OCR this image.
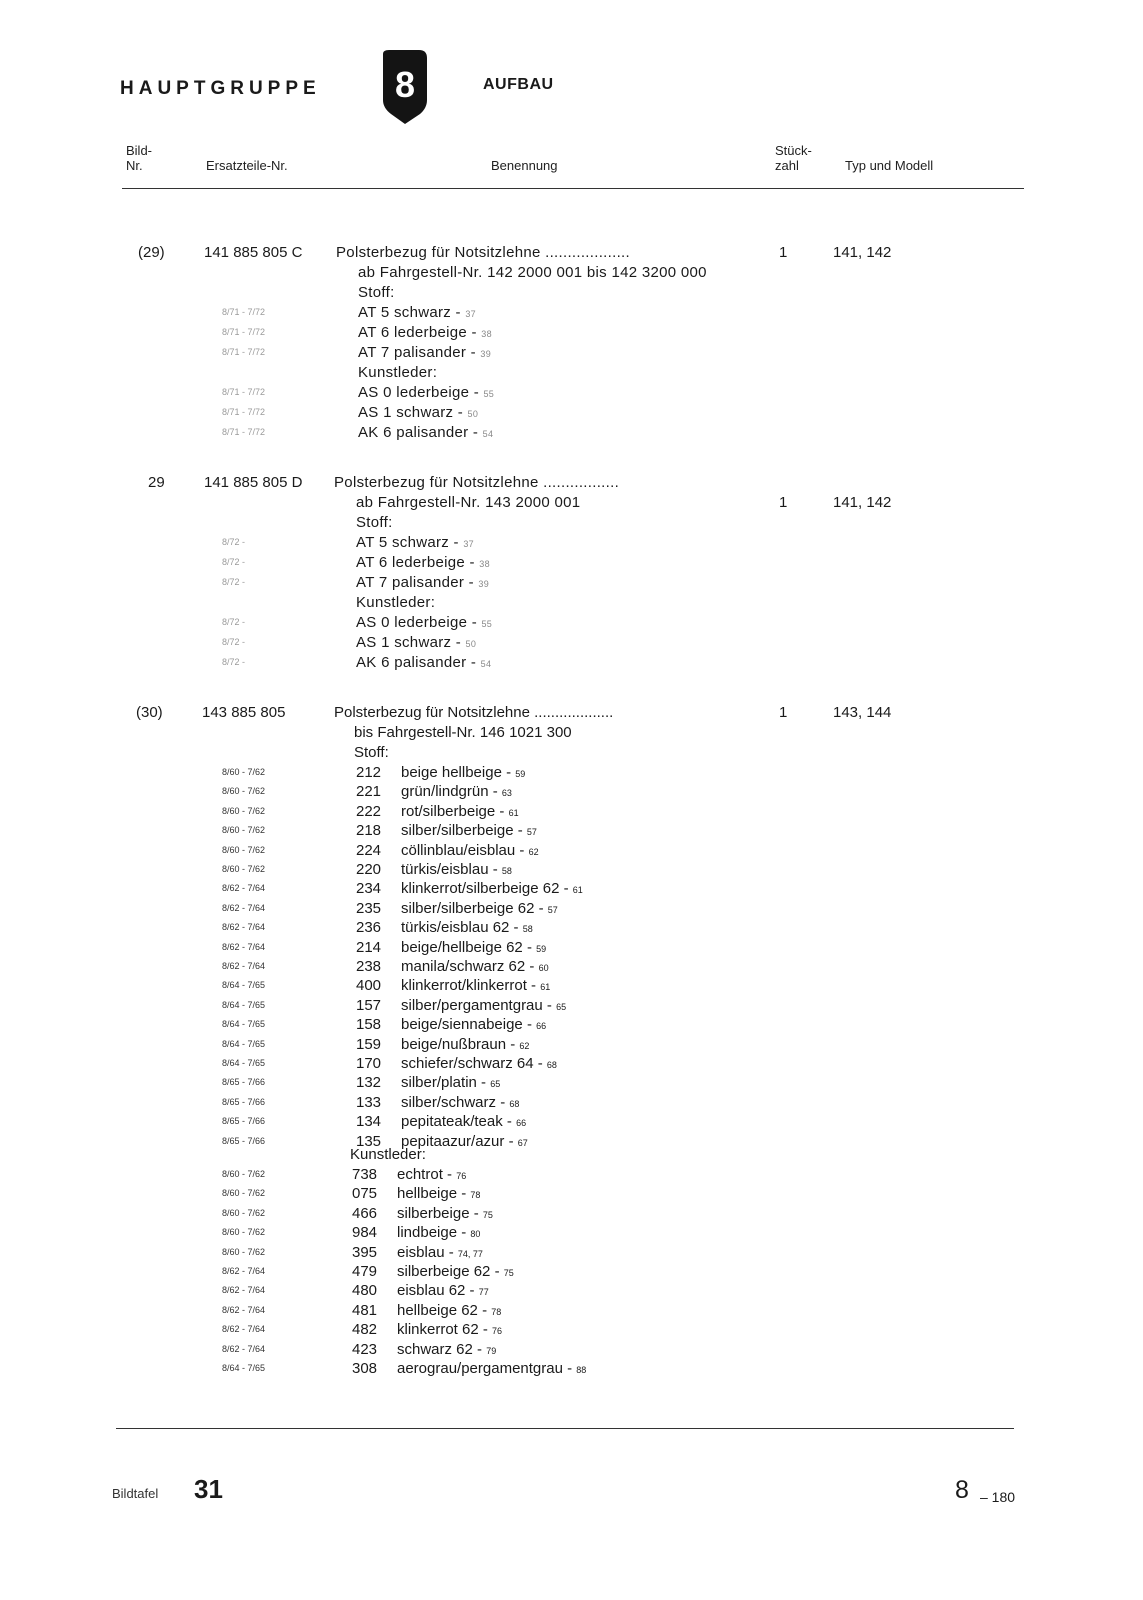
HAUPTGRUPPE 8	AUFBAU
Bild-
Nr.	Ersatzteile-Nr.	Benennung
Stück-
zahl	Typ und Modell
(29)	141 885 805 C Polsterbezug für Notsitzlehne ...................	1	141, 142
ab Fahrgestell-Nr. 142 2000 001 bis 142 3200 000
Stoff:
8/71 - 7/72	AT 5 schwarz - 37
8/71 - 7/72	AT 6 lederbeige - 38
8/71 - 7/72	AT 7 palisander - 39
Kunstleder:
8/71 - 7/72	AS 0 lederbeige - 55
8/71 - 7/72	AS 1 schwarz - 50
8/71 - 7/72	AK 6 palisander - 54
29	141 885 805 D Polsterbezug für Notsitzlehne .................
ab Fahrgestell-Nr. 143 2000 001	1	141, 142
Stoff:
8/72 -	AT 5 schwarz - 37
8/72 -	AT 6 lederbeige - 38
8/72 -	AT 7 palisander - 39
Kunstleder:
8/72 -	AS 0 lederbeige - 55
8/72 -	AS 1 schwarz - 50
8/72 -	AK 6 palisander - 54
(30)	143 885 805	Polsterbezug für Notsitzlehne ...................	1	143, 144
bis Fahrgestell-Nr. 146 1021 300
Stoff:
8/60 - 7/62	212	beige hellbeige - 59
8/60 - 7/62	221	grün/lindgrün - 63
8/60 - 7/62	222	rot/silberbeige - 61
8/60 - 7/62	218	silber/silberbeige - 57
8/60 - 7/62	224	cöllinblau/eisblau - 62
8/60 - 7/62	220	türkis/eisblau - 58
8/62 - 7/64	234	klinkerrot/silberbeige 62 - 61
8/62 - 7/64	235	silber/silberbeige 62 - 57
8/62 - 7/64	236	türkis/eisblau 62 - 58
8/62 - 7/64	214	beige/hellbeige 62 - 59
8/62 - 7/64	238	manila/schwarz 62 - 60
8/64 - 7/65	400	klinkerrot/klinkerrot - 61
8/64 - 7/65	157	silber/pergamentgrau - 65
8/64 - 7/65	158	beige/siennabeige - 66
8/64 - 7/65	159	beige/nußbraun - 62
8/64 - 7/65	170	schiefer/schwarz 64 - 68
8/65 - 7/66	132	silber/platin - 65
8/65 - 7/66	133	silber/schwarz - 68
8/65 - 7/66	134	pepitateak/teak - 66
8/65 - 7/66	135	pepitaazur/azur - 67
Kunstleder:
8/60 - 7/62	738	echtrot - 76
8/60 - 7/62	075	hellbeige - 78
8/60 - 7/62	466	silberbeige - 75
8/60 - 7/62	984	lindbeige - 80
8/60 - 7/62	395	eisblau - 74, 77
8/62 - 7/64	479	silberbeige 62 - 75
8/62 - 7/64	480	eisblau 62 - 77
8/62 - 7/64	481	hellbeige 62 - 78
8/62 - 7/64	482	klinkerrot 62 - 76
8/62 - 7/64	423	schwarz 62 - 79
8/64 - 7/65	308	aerograu/pergamentgrau - 88
Bildtafel 31	8 – 180
